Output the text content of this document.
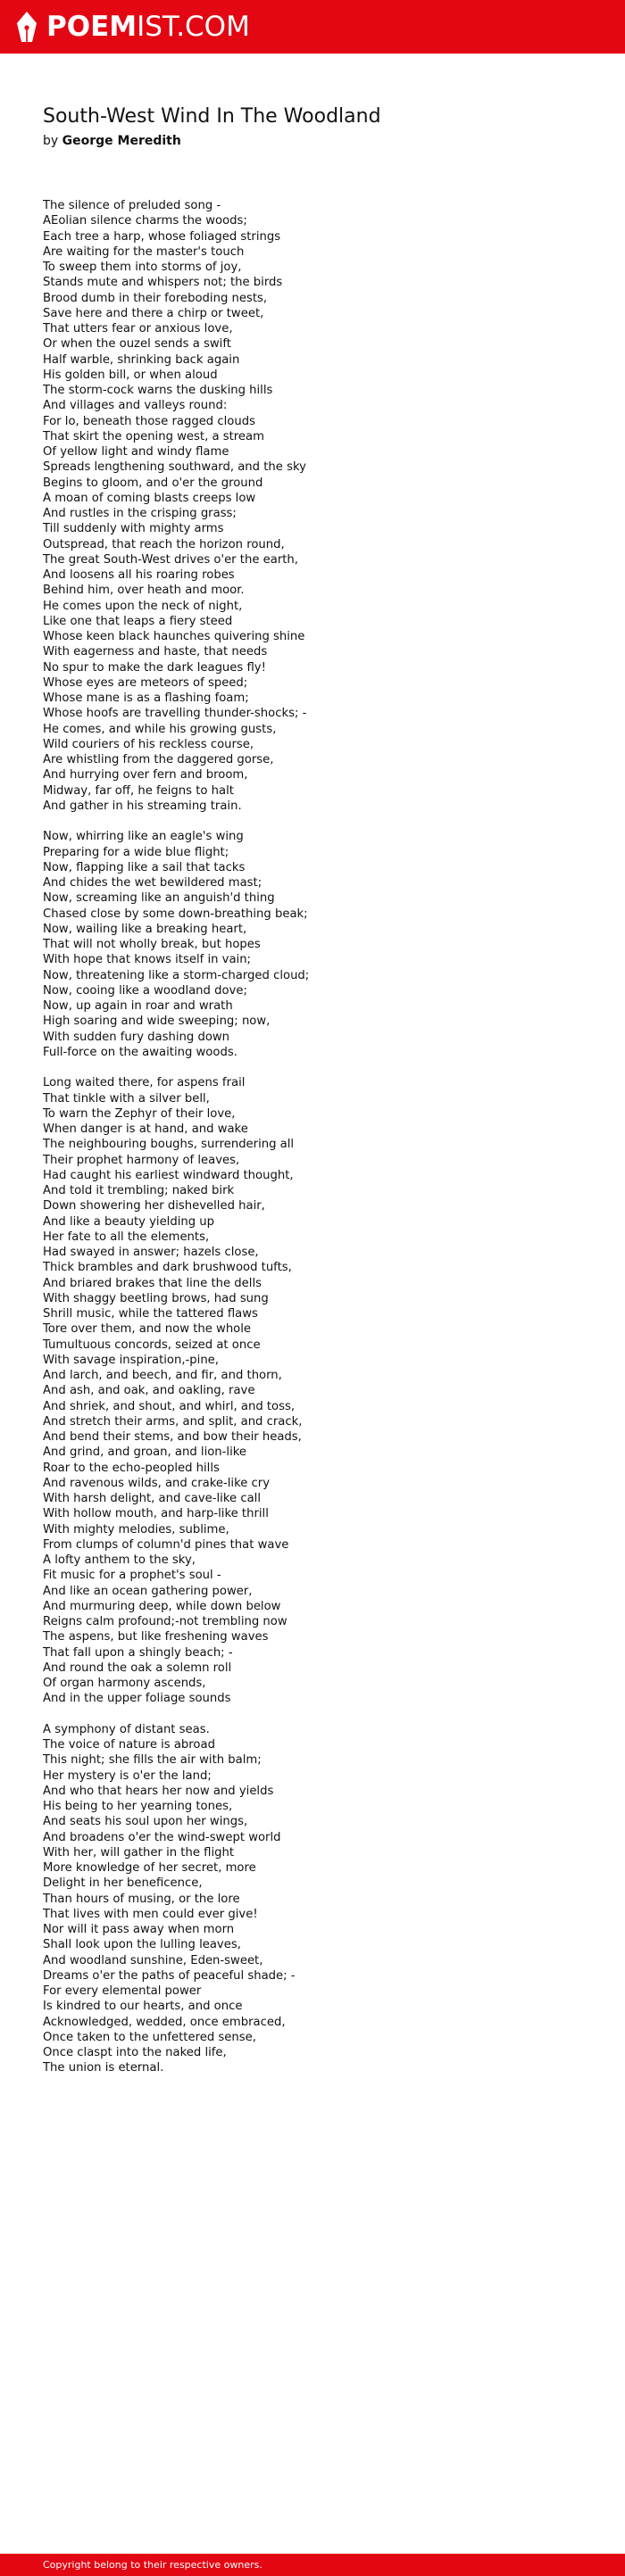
POEMIST.COM
South-West Wind In The Woodland
by George Meredith
The silence of preluded song -
AEolian silence charms the woods;
Each tree a harp, whose foliaged strings
Are waiting for the master's touch
To sweep them into storms of joy,
Stands mute and whispers not; the birds
Brood dumb in their foreboding nests,
Save here and there a chirp or tweet,
That utters fear or anxious love,
Or when the ouzel sends a swift
Half warble, shrinking back again
His golden bill, or when aloud
The storm-cock warns the dusking hills
And villages and valleys round:
For lo, beneath those ragged clouds
That skirt the opening west, a stream
Of yellow light and windy flame
Spreads lengthening southward, and the sky
Begins to gloom, and o'er the ground
A moan of coming blasts creeps low
And rustles in the crisping grass;
Till suddenly with mighty arms
Outspread, that reach the horizon round,
The great South-West drives o'er the earth,
And loosens all his roaring robes
Behind him, over heath and moor.
He comes upon the neck of night,
Like one that leaps a fiery steed
Whose keen black haunches quivering shine
With eagerness and haste, that needs
No spur to make the dark leagues fly!
Whose eyes are meteors of speed;
Whose mane is as a flashing foam;
Whose hoofs are travelling thunder-shocks; -
He comes, and while his growing gusts,
Wild couriers of his reckless course,
Are whistling from the daggered gorse,
And hurrying over fern and broom,
Midway, far off, he feigns to halt
And gather in his streaming train.
Now, whirring like an eagle's wing
Preparing for a wide blue flight;
Now, flapping like a sail that tacks
And chides the wet bewildered mast;
Now, screaming like an anguish'd thing
Chased close by some down-breathing beak;
Now, wailing like a breaking heart,
That will not wholly break, but hopes
With hope that knows itself in vain;
Now, threatening like a storm-charged cloud;
Now, cooing like a woodland dove;
Now, up again in roar and wrath
High soaring and wide sweeping; now,
With sudden fury dashing down
Full-force on the awaiting woods.
Long waited there, for aspens frail
That tinkle with a silver bell,
To warn the Zephyr of their love,
When danger is at hand, and wake
The neighbouring boughs, surrendering all
Their prophet harmony of leaves,
Had caught his earliest windward thought,
And told it trembling; naked birk
Down showering her dishevelled hair,
And like a beauty yielding up
Her fate to all the elements,
Had swayed in answer; hazels close,
Thick brambles and dark brushwood tufts,
And briared brakes that line the dells
With shaggy beetling brows, had sung
Shrill music, while the tattered flaws
Tore over them, and now the whole
Tumultuous concords, seized at once
With savage inspiration,-pine,
And larch, and beech, and fir, and thorn,
And ash, and oak, and oakling, rave
And shriek, and shout, and whirl, and toss,
And stretch their arms, and split, and crack,
And bend their stems, and bow their heads,
And grind, and groan, and lion-like
Roar to the echo-peopled hills
And ravenous wilds, and crake-like cry
With harsh delight, and cave-like call
With hollow mouth, and harp-like thrill
With mighty melodies, sublime,
From clumps of column'd pines that wave
A lofty anthem to the sky,
Fit music for a prophet's soul -
And like an ocean gathering power,
And murmuring deep, while down below
Reigns calm profound;-not trembling now
The aspens, but like freshening waves
That fall upon a shingly beach; -
And round the oak a solemn roll
Of organ harmony ascends,
And in the upper foliage sounds
A symphony of distant seas.
The voice of nature is abroad
This night; she fills the air with balm;
Her mystery is o'er the land;
And who that hears her now and yields
His being to her yearning tones,
And seats his soul upon her wings,
And broadens o'er the wind-swept world
With her, will gather in the flight
More knowledge of her secret, more
Delight in her beneficence,
Than hours of musing, or the lore
That lives with men could ever give!
Nor will it pass away when morn
Shall look upon the lulling leaves,
And woodland sunshine, Eden-sweet,
Dreams o'er the paths of peaceful shade; -
For every elemental power
Is kindred to our hearts, and once
Acknowledged, wedded, once embraced,
Once taken to the unfettered sense,
Once claspt into the naked life,
The union is eternal.
Copyright belong to their respective owners.
